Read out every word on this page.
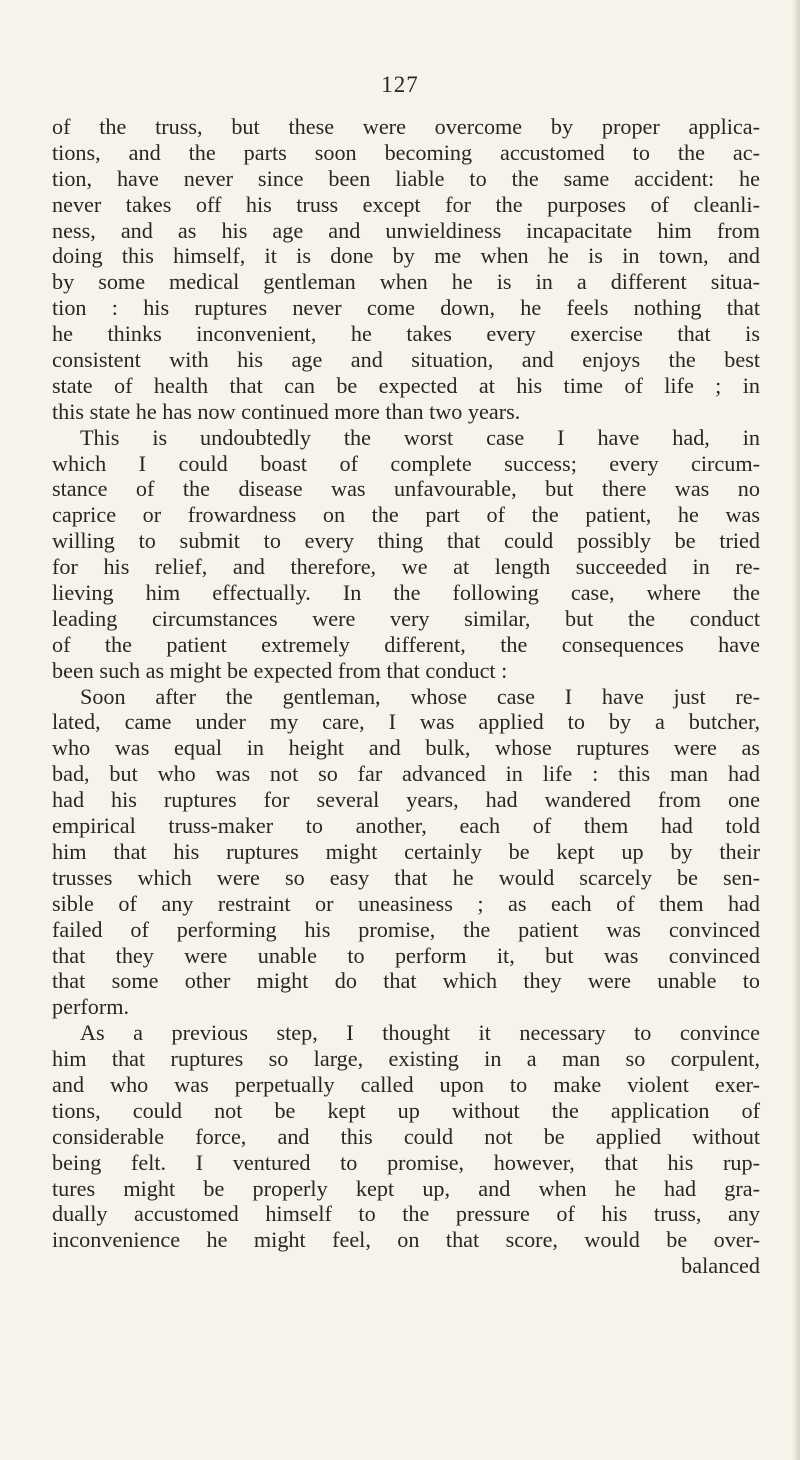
127
of the truss, but these were overcome by proper applica-
tions, and the parts soon becoming accustomed to the ac-
tion, have never since been liable to the same accident: he
never takes off his truss except for the purposes of cleanli-
ness, and as his age and unwieldiness incapacitate him from
doing this himself, it is done by me when he is in town, and
by some medical gentleman when he is in a different situa-
tion : his ruptures never come down, he feels nothing that
he thinks inconvenient, he takes every exercise that is
consistent with his age and situation, and enjoys the best
state of health that can be expected at his time of life ; in
this state he has now continued more than two years.
This is undoubtedly the worst case I have had, in
which I could boast of complete success; every circum-
stance of the disease was unfavourable, but there was no
caprice or frowardness on the part of the patient, he was
willing to submit to every thing that could possibly be tried
for his relief, and therefore, we at length succeeded in re-
lieving him effectually. In the following case, where the
leading circumstances were very similar, but the conduct
of the patient extremely different, the consequences have
been such as might be expected from that conduct :
Soon after the gentleman, whose case I have just re-
lated, came under my care, I was applied to by a butcher,
who was equal in height and bulk, whose ruptures were as
bad, but who was not so far advanced in life : this man had
had his ruptures for several years, had wandered from one
empirical truss-maker to another, each of them had told
him that his ruptures might certainly be kept up by their
trusses which were so easy that he would scarcely be sen-
sible of any restraint or uneasiness ; as each of them had
failed of performing his promise, the patient was convinced
that they were unable to perform it, but was convinced
that some other might do that which they were unable to
perform.
As a previous step, I thought it necessary to convince
him that ruptures so large, existing in a man so corpulent,
and who was perpetually called upon to make violent exer-
tions, could not be kept up without the application of
considerable force, and this could not be applied without
being felt. I ventured to promise, however, that his rup-
tures might be properly kept up, and when he had gra-
dually accustomed himself to the pressure of his truss, any
inconvenience he might feel, on that score, would be over-
balanced
